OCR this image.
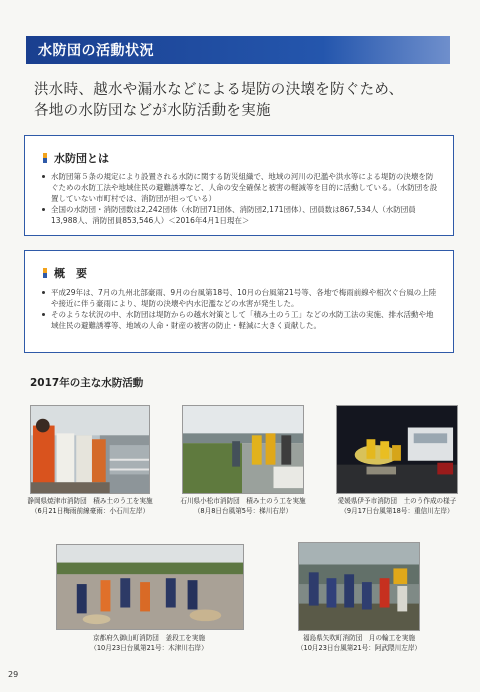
水防団の活動状況
洪水時、越水や漏水などによる堤防の決壊を防ぐため、
各地の水防団などが水防活動を実施
水防団とは
水防団第５条の規定により設置される水防に関する防災組織で、地域の河川の氾濫や洪水等による堤防の決壊を防ぐための水防工法や地域住民の避難誘導など、人命の安全確保と被害の軽減等を目的に活動している。（水防団を設置していない市町村では、消防団が担っている）
全国の水防団・消防団数は2,242団体（水防団71団体、消防団2,171団体）、団員数は867,534人（水防団員13,988人、消防団員853,546人）＜2016年4月1日現在＞
概　要
平成29年は、7月の九州北部豪雨、9月の台風第18号、10月の台風第21号等、各地で梅雨前線や相次ぐ台風の上陸や接近に伴う豪雨により、堤防の決壊や内水氾濫などの水害が発生した。
そのような状況の中、水防団は堤防からの越水対策として「積み土のう工」などの水防工法の実施、排水活動や地域住民の避難誘導等、地域の人命・財産の被害の防止・軽減に大きく貢献した。
2017年の主な水防活動
静岡県焼津市消防団　積み土のう工を実施
（6月21日梅雨前線豪雨：小石川左岸）
石川県小松市消防団　積み土のう工を実施
（8月8日台風第5号：梯川右岸）
愛媛県伊予市消防団　土のう作成の様子
（9月17日台風第18号：重信川左岸）
京都府久御山町消防団　釜段工を実施
（10月23日台風第21号：木津川右岸）
福島県矢吹町消防団　月の輪工を実施
（10月23日台風第21号：阿武隈川左岸）
29
